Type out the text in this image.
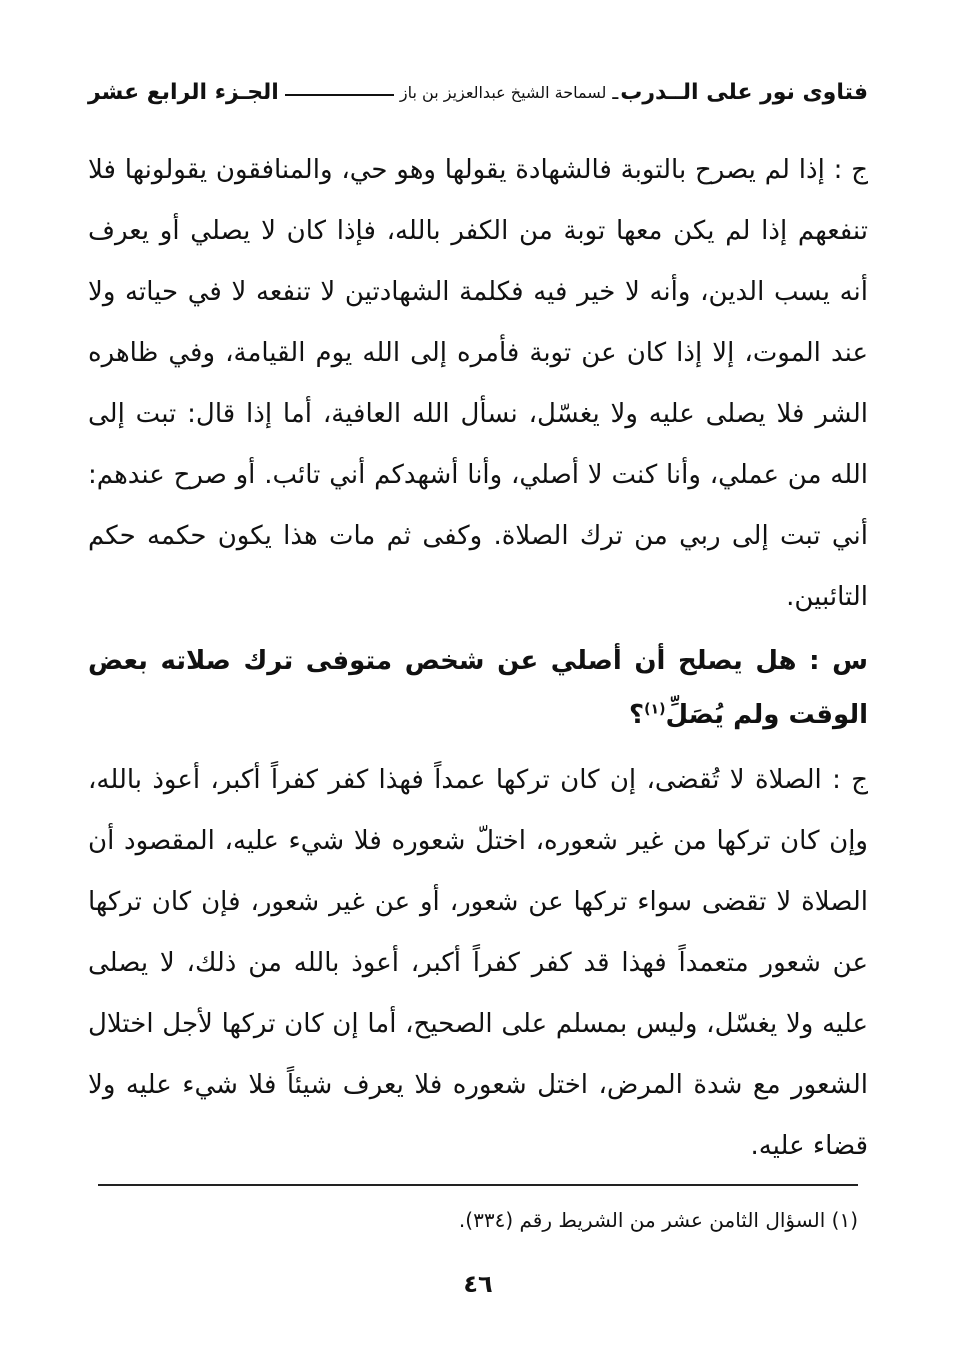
فتاوى نور على الــدرب
ـ
لسماحة الشيخ عبدالعزيز بن باز
الجـزء الرابع عشر

ج : إذا لم يصرح بالتوبة فالشهادة يقولها وهو حي، والمنافقون يقولونها فلا تنفعهم إذا لم يكن معها توبة من الكفر بالله، فإذا كان لا يصلي أو يعرف أنه يسب الدين، وأنه لا خير فيه فكلمة الشهادتين لا تنفعه لا في حياته ولا عند الموت، إلا إذا كان عن توبة فأمره إلى الله يوم القيامة، وفي ظاهره الشر فلا يصلى عليه ولا يغسّل، نسأل الله العافية، أما إذا قال: تبت إلى الله من عملي، وأنا كنت لا أصلي، وأنا أشهدكم أني تائب. أو صرح عندهم: أني تبت إلى ربي من ترك الصلاة. وكفى ثم مات هذا يكون حكمه حكم التائبين.

س : هل يصلح أن أصلي عن شخص متوفى ترك صلاته بعض الوقت ولم يُصَلِّ$^{(١)}$؟

ج : الصلاة لا تُقضى، إن كان تركها عمداً فهذا كفر كفراً أكبر، أعوذ بالله، وإن كان تركها من غير شعوره، اختلّ شعوره فلا شيء عليه، المقصود أن الصلاة لا تقضى سواء تركها عن شعور، أو عن غير شعور، فإن كان تركها عن شعور متعمداً فهذا قد كفر كفراً أكبر، أعوذ بالله من ذلك، لا يصلى عليه ولا يغسّل، وليس بمسلم على الصحيح، أما إن كان تركها لأجل اختلال الشعور مع شدة المرض، اختل شعوره فلا يعرف شيئاً فلا شيء عليه ولا قضاء عليه.

(١) السؤال الثامن عشر من الشريط رقم (٣٣٤).
٤٦
